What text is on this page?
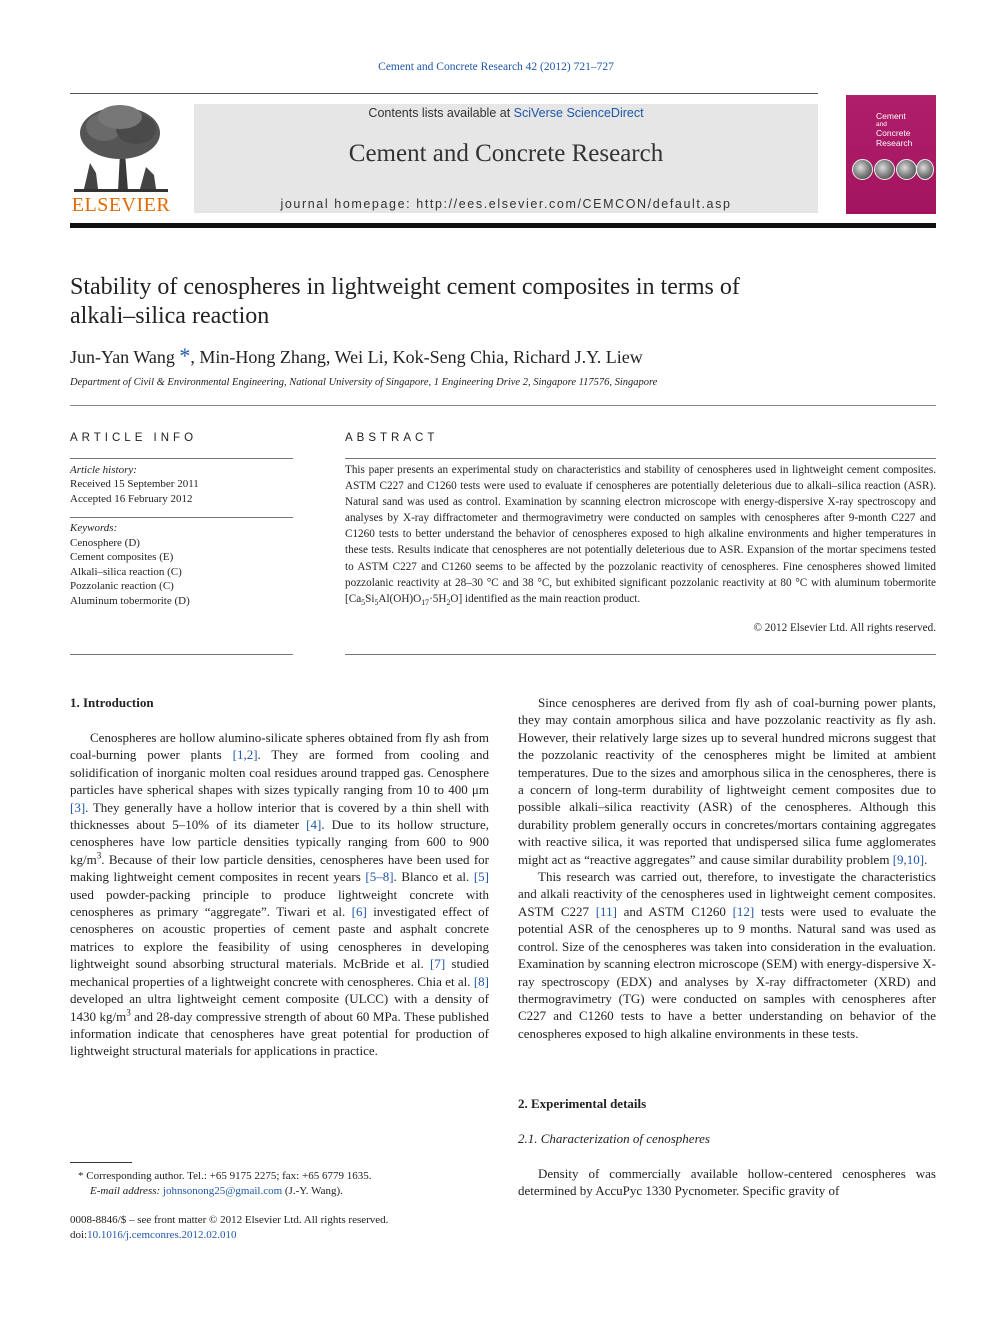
Cement and Concrete Research 42 (2012) 721–727
ELSEVIER
Contents lists available at SciVerse ScienceDirect
Cement and Concrete Research
journal homepage: http://ees.elsevier.com/CEMCON/default.asp
Cement
and
Concrete
Research
Stability of cenospheres in lightweight cement composites in terms of
alkali–silica reaction
Jun-Yan Wang *, Min-Hong Zhang, Wei Li, Kok-Seng Chia, Richard J.Y. Liew
Department of Civil & Environmental Engineering, National University of Singapore, 1 Engineering Drive 2, Singapore 117576, Singapore
ARTICLE INFO	ABSTRACT
Article history:
Received 15 September 2011
Accepted 16 February 2012
Keywords:
Cenosphere (D)
Cement composites (E)
Alkali–silica reaction (C)
Pozzolanic reaction (C)
Aluminum tobermorite (D)
This paper presents an experimental study on characteristics and stability of cenospheres used in lightweight cement composites. ASTM C227 and C1260 tests were used to evaluate if cenospheres are potentially deleterious due to alkali–silica reaction (ASR). Natural sand was used as control. Examination by scanning electron microscope with energy-dispersive X-ray spectroscopy and analyses by X-ray diffractometer and thermogravimetry were conducted on samples with cenospheres after 9-month C227 and C1260 tests to better understand the behavior of cenospheres exposed to high alkaline environments and higher temperatures in these tests. Results indicate that cenospheres are not potentially deleterious due to ASR. Expansion of the mortar specimens tested to ASTM C227 and C1260 seems to be affected by the pozzolanic reactivity of cenospheres. Fine cenospheres showed limited pozzolanic reactivity at 28–30 °C and 38 °C, but exhibited significant pozzolanic reactivity at 80 °C with aluminum tobermorite $[Ca_5Si_5Al(OH)O_{17}\cdot 5H_2O]$ identified as the main reaction product.
© 2012 Elsevier Ltd. All rights reserved.
1. Introduction

Cenospheres are hollow alumino-silicate spheres obtained from fly ash from coal-burning power plants [1,2]. They are formed from cooling and solidification of inorganic molten coal residues around trapped gas. Cenosphere particles have spherical shapes with sizes typically ranging from 10 to 400 μm [3]. They generally have a hollow interior that is covered by a thin shell with thicknesses about 5–10% of its diameter [4]. Due to its hollow structure, cenospheres have low particle densities typically ranging from 600 to 900 $kg/m^3$. Because of their low particle densities, cenospheres have been used for making lightweight cement composites in recent years [5–8]. Blanco et al. [5] used powder-packing principle to produce lightweight concrete with cenospheres as primary “aggregate”. Tiwari et al. [6] investigated effect of cenospheres on acoustic properties of cement paste and asphalt concrete matrices to explore the feasibility of using cenospheres in developing lightweight sound absorbing structural materials. McBride et al. [7] studied mechanical properties of a lightweight concrete with cenospheres. Chia et al. [8] developed an ultra lightweight cement composite (ULCC) with a density of 1430 $kg/m^3$ and 28-day compressive strength of about 60 MPa. These published information indicate that cenospheres have great potential for production of lightweight structural materials for applications in practice.

Since cenospheres are derived from fly ash of coal-burning power plants, they may contain amorphous silica and have pozzolanic reactivity as fly ash. However, their relatively large sizes up to several hundred microns suggest that the pozzolanic reactivity of the cenospheres might be limited at ambient temperatures. Due to the sizes and amorphous silica in the cenospheres, there is a concern of long-term durability of lightweight cement composites due to possible alkali–silica reactivity (ASR) of the cenospheres. Although this durability problem generally occurs in concretes/mortars containing aggregates with reactive silica, it was reported that undispersed silica fume agglomerates might act as “reactive aggregates” and cause similar durability problem [9,10].

This research was carried out, therefore, to investigate the characteristics and alkali reactivity of the cenospheres used in lightweight cement composites. ASTM C227 [11] and ASTM C1260 [12] tests were used to evaluate the potential ASR of the cenospheres up to 9 months. Natural sand was used as control. Size of the cenospheres was taken into consideration in the evaluation. Examination by scanning electron microscope (SEM) with energy-dispersive X-ray spectroscopy (EDX) and analyses by X-ray diffractometer (XRD) and thermogravimetry (TG) were conducted on samples with cenospheres after C227 and C1260 tests to have a better understanding on behavior of the cenospheres exposed to high alkaline environments in these tests.

2. Experimental details
2.1. Characterization of cenospheres

Density of commercially available hollow-centered cenospheres was determined by AccuPyc 1330 Pycnometer. Specific gravity of

* Corresponding author. Tel.: +65 9175 2275; fax: +65 6779 1635.
E-mail address: johnsonong25@gmail.com (J.-Y. Wang).
0008-8846/$ – see front matter © 2012 Elsevier Ltd. All rights reserved.
doi:10.1016/j.cemconres.2012.02.010
